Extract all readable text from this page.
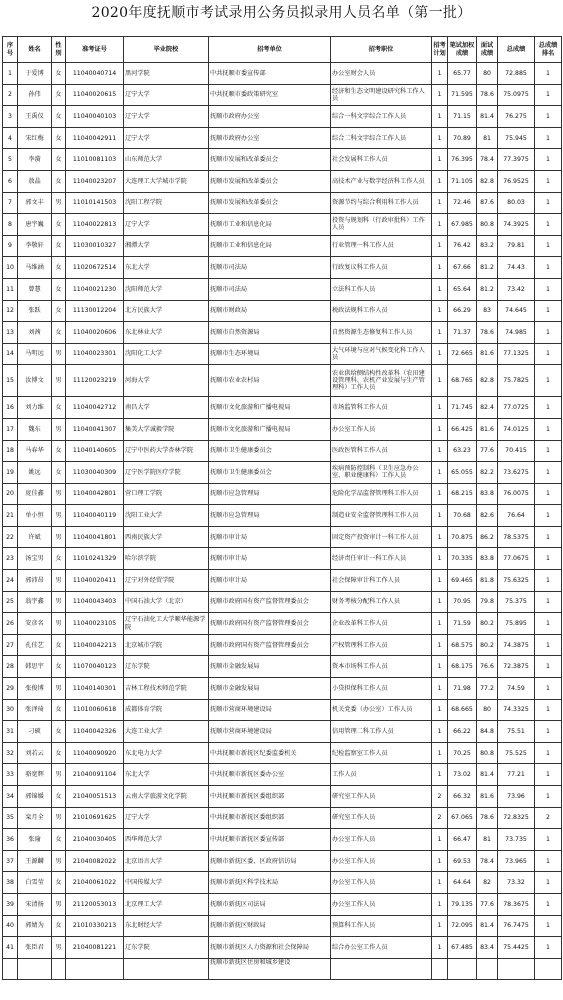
2020年度抚顺市考试录用公务员拟录用人员名单（第一批）
序号	姓名	性别	准考证号	毕业院校	招考单位	招考职位	招考计划	笔试加权成绩	面试成绩	总成绩	总成绩排名
1	于爱博	女	11040040714	黑河学院	中共抚顺市委宣传部	办公室财会人员	1	65.77	80	72.885	1
2	孙伟	女	11040020615	辽宁大学	中共抚顺市委政策研究室	经济和生态文明建设研究科工作人员	1	71.595	78.6	75.0975	1
3	王禹仪	女	11040040103	辽宁大学	抚顺市政府办公室	综合一科文字综合工作人员	1	71.15	81.4	76.275	1
4	宋红梅	女	11040042911	辽宁大学	抚顺市政府办公室	综合二科文字综合工作人员	1	70.89	81	75.945	1
5	李漪	女	11010081103	山东师范大学	抚顺市发展和改革委员会	社会发展科工作人员	1	76.395	78.4	77.3975	1
6	敖晶	女	11040023207	大连理工大学城市学院	抚顺市发展和改革委员会	高技术产业与数字经济科工作人员	1	71.105	82.8	76.9525	1
7	郭文丰	男	11010141503	沈阳工程学院	抚顺市发展和改革委员会	资源节约与综合利用科工作人员	1	72.46	87.6	80.03	1
8	唐宇巍	女	11040022813	辽宁大学	抚顺市工业和信息化局	投资与规划科（行政审批科）工作人员	1	67.985	80.8	74.3925	1
9	李敬轩	女	11030010327	湘潭大学	抚顺市工业和信息化局	行业管理一科工作人员	1	76.42	83.2	79.81	1
10	马维涵	女	11020672514	东北大学	抚顺市司法局	行政复议科工作人员	1	67.66	81.2	74.43	1
11	曾慧	女	11040021230	沈阳师范大学	抚顺市司法局	立法科工作人员	1	65.64	81.2	73.42	1
12	张跃	女	11130012204	北方民族大学	抚顺市财政局	税政法规科工作人员	1	66.29	83	74.645	1
13	刘茜	女	11040020606	东北林业大学	抚顺市自然资源局	自然资源生态修复科工作人员	1	71.37	78.6	74.985	1
14	马明远	男	11040023301	沈阳化工大学	抚顺市生态环境局	大气环境与应对气候变化科工作人员	1	72.665	81.6	77.1325	1
15	汝博文	男	11120023219	河海大学	抚顺市农业农村局	农业供给侧结构性改革科（农田建设管理科、农机产业发展与生产管理科）工作人员	1	68.765	82.8	75.7825	1
16	刘力维	女	11040042712	南昌大学	抚顺市文化旅游和广播电视局	市场监管科工作人员	1	71.745	82.4	77.0725	1
17	魏东	男	11040041307	集美大学诚毅学院	抚顺市文化旅游和广播电视局	办公室工作人员	1	66.425	81.6	74.0125	1
18	马春华	女	11040140605	辽宁中医药大学杏林学院	抚顺市卫生健康委员会	医政医管科工作人员	1	63.23	77.6	70.415	1
19	姚远	女	11030040309	辽宁医学院医疗学院	抚顺市卫生健康委员会	疾病预防控制科（卫生应急办公室、职业健康科）工作人员	1	65.055	82.2	73.6275	1
20	庞佳鑫	男	11040042801	营口理工学院	抚顺市应急管理局	危险化学品监督管理科工作人员	1	68.215	83.8	76.0075	1
21	单小恒	男	11040040119	沈阳工业大学	抚顺市应急管理局	制造业安全监督管理科工作人员	1	70.68	82.6	76.64	1
22	许斌	男	11040041801	西南民族大学	抚顺市审计局	固定资产投资审计一科工作人员	1	70.875	86.2	78.5375	1
23	汤宝男	女	11010241329	哈尔滨学院	抚顺市审计局	经济责任审计一科工作人员	1	70.335	83.8	77.0675	1
24	郭沛昂	男	11040020411	辽宁对外经贸学院	抚顺市审计局	社会保障审计科工作人员	1	69.465	81.8	75.6325	1
25	翁宇鑫	男	11040043403	中国石油大学（北京）	抚顺市政府国有资产监督管理委员会	财务考核分配科工作人员	1	70.95	79.8	75.375	1
26	安彦名	男	11040023105	辽宁石油化工大学顺华能源学院	抚顺市政府国有资产监督管理委员会	企业改革科工作人员	1	71.59	80.2	75.895	1
27	孔佳艺	女	11040042213	北京城市学院	抚顺市政府国有资产监督管理委员会	产权管理科工作人员	1	68.575	80.2	74.3875	1
28	韩思宇	女	11070040123	辽东学院	抚顺市金融发展局	资本市场科工作人员	1	68.175	76.6	72.3875	1
29	张俊博	男	11040140301	吉林工程技术师范学院	抚顺市金融发展局	小贷担保科工作人员	1	71.98	77.2	74.59	1
30	张泽琦	女	11010060618	成都体育学院	抚顺市营商环境建设局	机关党委（办公室）工作人员	1	68.665	80	74.3325	1
31	刁硕	女	11040042326	大连工业大学	抚顺市营商环境建设局	信用管理二科工作人员	1	66.22	84.8	75.51	1
32	刘若云	女	11040090920	东北电力大学	中共抚顺市新抚区纪委监委机关	纪检监察室工作人员	1	70.25	80.8	75.525	1
33	骆宽辉	男	21040091104	东北大学	中共抚顺市新抚区委办公室	工作人员	1	73.02	81.4	77.21	1
34	郭锦媛	女	21040051513	云南大学旅游文化学院	中共抚顺市新抚区委组织部	研究室工作人员	2	66.32	81.6	73.96	1
35	栾月全	男	21010691625	辽宁大学	中共抚顺市新抚区委组织部	研究室工作人员	2	67.065	78.6	72.8325	2
36	张瑜	女	21040030405	西华师范大学	中共抚顺市新抚区委宣传部	办公室工作人员	1	66.47	81	73.735	1
37	王源麟	男	21040082022	北京语言大学	抚顺市新抚区委、区政府信访局	办公室工作人员	1	69.53	78.4	73.965	1
38	白雪莹	女	21040061022	中国传媒大学	抚顺市新抚区科学技术局	办公室工作人员	1	64.64	82	73.32	1
39	宋清扬	男	21120053013	北京理工大学	抚顺市新抚区司法局	办公室工作人员	1	79.135	77.6	78.3675	1
40	郭婧为	女	21010330213	东北财经大学	抚顺市新抚区财政局	预算科工作人员	1	72.095	81.4	76.7475	1
41	张臣君	男	21040081221	辽东学院	抚顺市新抚区人力资源和社会保障局	综合办公室工作人员	1	67.485	83.4	75.4425	1
					抚顺市新抚区住房和城乡建设						
